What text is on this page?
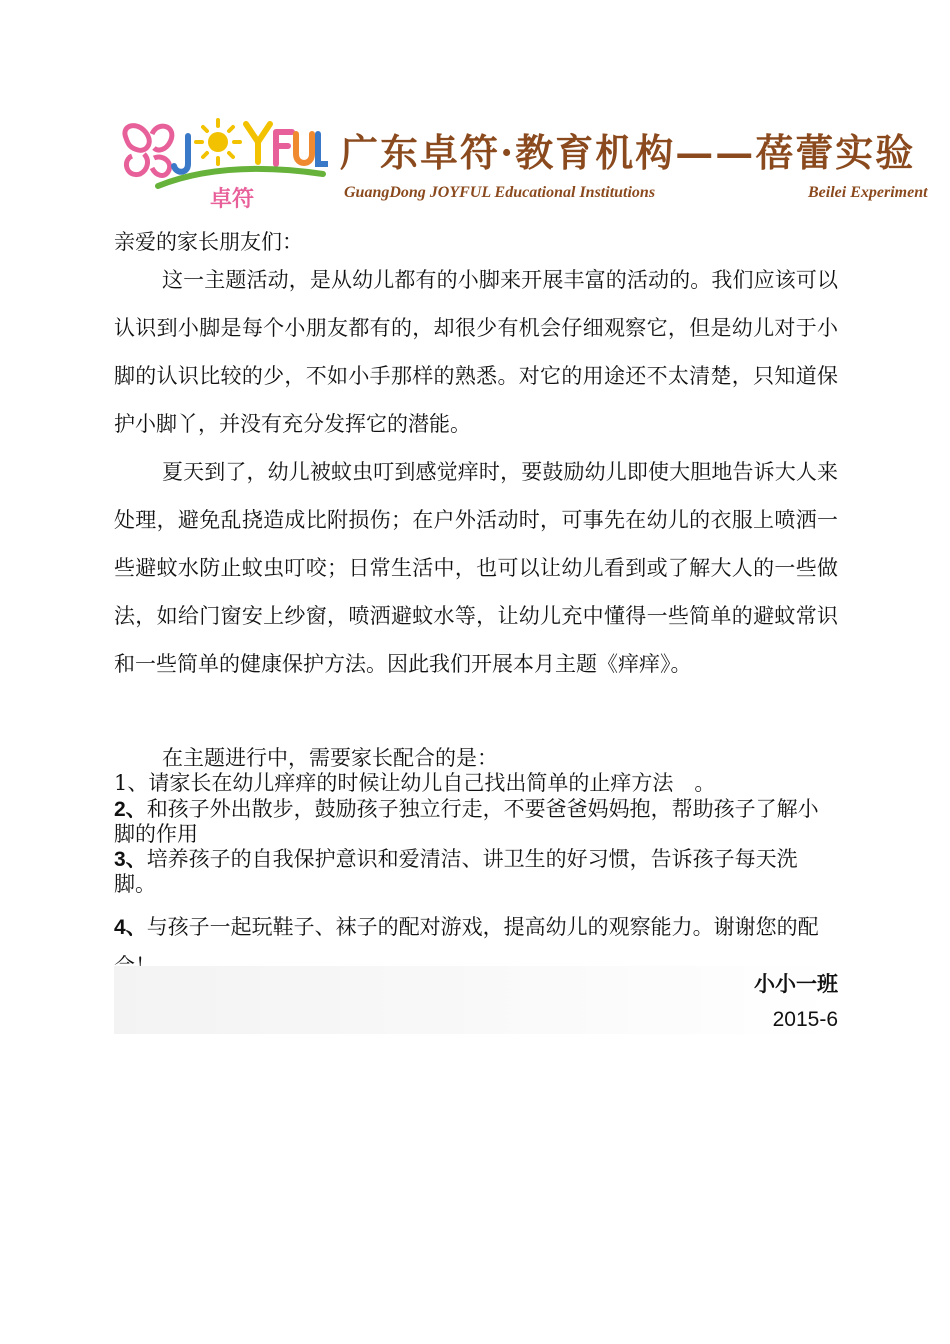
卓符
广东卓符·教育机构——蓓蕾实验
GuangDong JOYFUL Educational Institutions	Beilei Experiment
亲爱的家长朋友们：
这一主题活动，是从幼儿都有的小脚来开展丰富的活动的。我们应该可以认识到小脚是每个小朋友都有的，却很少有机会仔细观察它，但是幼儿对于小脚的认识比较的少，不如小手那样的熟悉。对它的用途还不太清楚，只知道保护小脚丫，并没有充分发挥它的潜能。
夏天到了，幼儿被蚊虫叮到感觉痒时，要鼓励幼儿即使大胆地告诉大人来处理，避免乱挠造成比附损伤；在户外活动时，可事先在幼儿的衣服上喷洒一些避蚊水防止蚊虫叮咬；日常生活中，也可以让幼儿看到或了解大人的一些做法，如给门窗安上纱窗，喷洒避蚊水等，让幼儿充中懂得一些简单的避蚊常识和一些简单的健康保护方法。因此我们开展本月主题《痒痒》。
在主题进行中，需要家长配合的是：
1、请家长在幼儿痒痒的时候让幼儿自己找出简单的止痒方法　。
2、和孩子外出散步，鼓励孩子独立行走，不要爸爸妈妈抱，帮助孩子了解小脚的作用
3、培养孩子的自我保护意识和爱清洁、讲卫生的好习惯，告诉孩子每天洗脚。
4、与孩子一起玩鞋子、袜子的配对游戏，提高幼儿的观察能力。谢谢您的配
小小一班
2015-6
